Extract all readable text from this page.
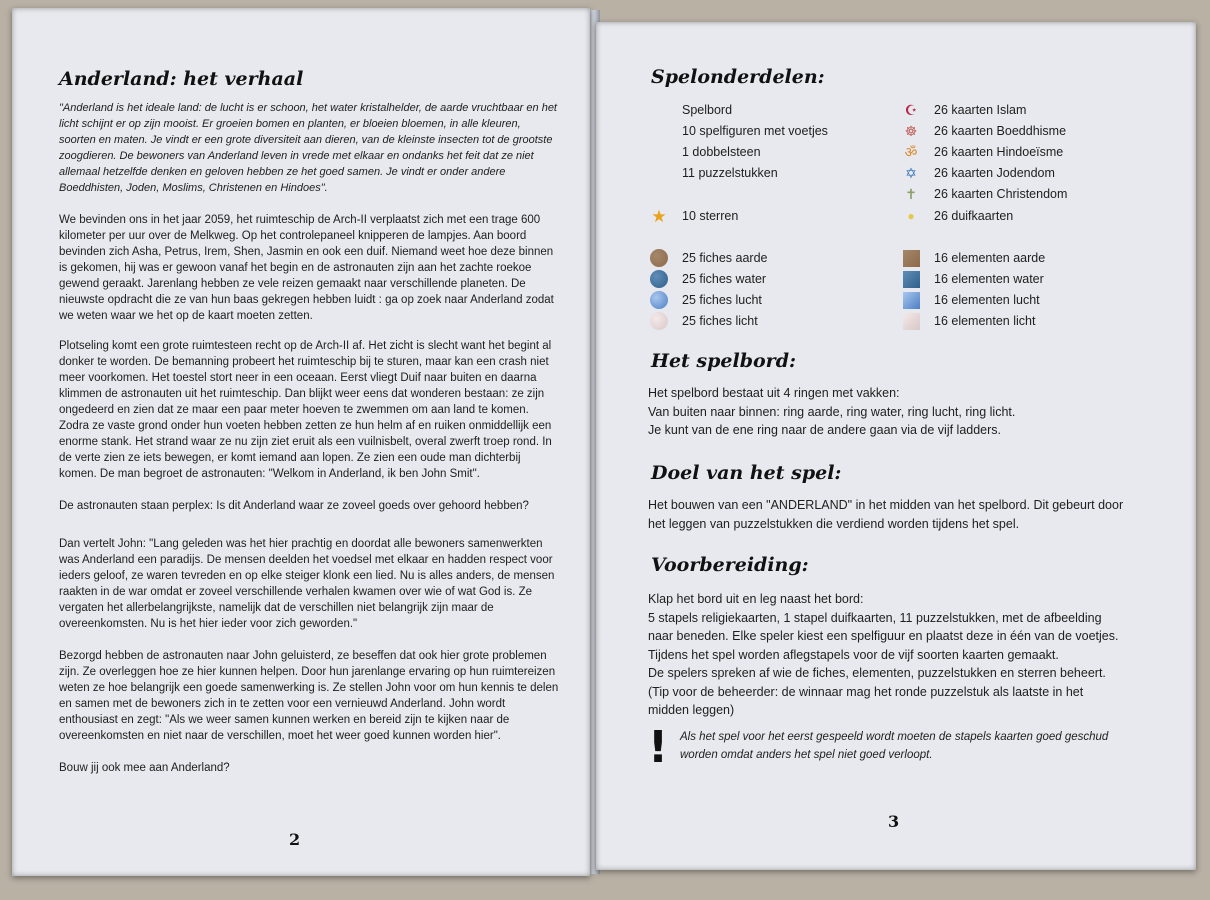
Anderland: het verhaal

"Anderland is het ideale land: de lucht is er schoon, het water kristalhelder, de aarde vruchtbaar en het licht schijnt er op zijn mooist. Er groeien bomen en planten, er bloeien bloemen, in alle kleuren, soorten en maten. Je vindt er een grote diversiteit aan dieren, van de kleinste insecten tot de grootste zoogdieren. De bewoners van Anderland leven in vrede met elkaar en ondanks het feit dat ze niet allemaal hetzelfde denken en geloven hebben ze het goed samen. Je vindt er onder andere Boeddhisten, Joden, Moslims, Christenen en Hindoes".

We bevinden ons in het jaar 2059, het ruimteschip de Arch-II verplaatst zich met een trage 600 kilometer per uur over de Melkweg. Op het controlepaneel knipperen de lampjes. Aan boord bevinden zich Asha, Petrus, Irem, Shen, Jasmin en ook een duif. Niemand weet hoe deze binnen is gekomen, hij was er gewoon vanaf het begin en de astronauten zijn aan het zachte roekoe gewend geraakt. Jarenlang hebben ze vele reizen gemaakt naar verschillende planeten. De nieuwste opdracht die ze van hun baas gekregen hebben luidt : ga op zoek naar Anderland zodat we weten waar we het op de kaart moeten zetten.

Plotseling komt een grote ruimtesteen recht op de Arch-II af. Het zicht is slecht want het begint al donker te worden. De bemanning probeert het ruimteschip bij te sturen, maar kan een crash niet meer voorkomen. Het toestel stort neer in een oceaan. Eerst vliegt Duif naar buiten en daarna klimmen de astronauten uit het ruimteschip. Dan blijkt weer eens dat wonderen bestaan: ze zijn ongedeerd en zien dat ze maar een paar meter hoeven te zwemmen om aan land te komen. Zodra ze vaste grond onder hun voeten hebben zetten ze hun helm af en ruiken onmiddellijk een enorme stank. Het strand waar ze nu zijn ziet eruit als een vuilnisbelt, overal zwerft troep rond. In de verte zien ze iets bewegen, er komt iemand aan lopen. Ze zien een oude man dichterbij komen. De man begroet de astronauten: "Welkom in Anderland, ik ben John Smit".

De astronauten staan perplex: Is dit Anderland waar ze zoveel goeds over gehoord hebben?

Dan vertelt John: "Lang geleden was het hier prachtig en doordat alle bewoners samenwerkten was Anderland een paradijs. De mensen deelden het voedsel met elkaar en hadden respect voor ieders geloof, ze waren tevreden en op elke steiger klonk een lied. Nu is alles anders, de mensen raakten in de war omdat er zoveel verschillende verhalen kwamen over wie of wat God is. Ze vergaten het allerbelangrijkste, namelijk dat de verschillen niet belangrijk zijn maar de overeenkomsten. Nu is het hier ieder voor zich geworden."

Bezorgd hebben de astronauten naar John geluisterd, ze beseffen dat ook hier grote problemen zijn. Ze overleggen hoe ze hier kunnen helpen. Door hun jarenlange ervaring op hun ruimtereizen weten ze hoe belangrijk een goede samenwerking is. Ze stellen John voor om hun kennis te delen en samen met de bewoners zich in te zetten voor een vernieuwd Anderland. John wordt enthousiast en zegt: "Als we weer samen kunnen werken en bereid zijn te kijken naar de overeenkomsten en niet naar de verschillen, moet het weer goed kunnen worden hier".

Bouw jij ook mee aan Anderland?

2
Spelonderdelen:
Spelbord
10 spelfiguren met voetjes
1 dobbelsteen
11 puzzelstukken
★ 10 sterren
25 fiches aarde
25 fiches water
25 fiches lucht
25 fiches licht
☪ 26 kaarten Islam
☸ 26 kaarten Boeddhisme
ॐ 26 kaarten Hindoeïsme
✡ 26 kaarten Jodendom
✝ 26 kaarten Christendom
●	26 duifkaarten
16 elementen aarde
16 elementen water
16 elementen lucht
16 elementen licht
Het spelbord:
Het spelbord bestaat uit 4 ringen met vakken:
Van buiten naar binnen: ring aarde, ring water, ring lucht, ring licht.
Je kunt van de ene ring naar de andere gaan via de vijf ladders.
Doel van het spel:
Het bouwen van een "ANDERLAND" in het midden van het spelbord. Dit gebeurt door
het leggen van puzzelstukken die verdiend worden tijdens het spel.
Voorbereiding:
Klap het bord uit en leg naast het bord:
5 stapels religiekaarten, 1 stapel duifkaarten, 11 puzzelstukken, met de afbeelding
naar beneden. Elke speler kiest een spelfiguur en plaatst deze in één van de voetjes.
Tijdens het spel worden aflegstapels voor de vijf soorten kaarten gemaakt.
De spelers spreken af wie de fiches, elementen, puzzelstukken en sterren beheert.
(Tip voor de beheerder: de winnaar mag het ronde puzzelstuk als laatste in het
midden leggen)
! Als het spel voor het eerst gespeeld wordt moeten de stapels kaarten goed geschud
worden omdat anders het spel niet goed verloopt.
3
